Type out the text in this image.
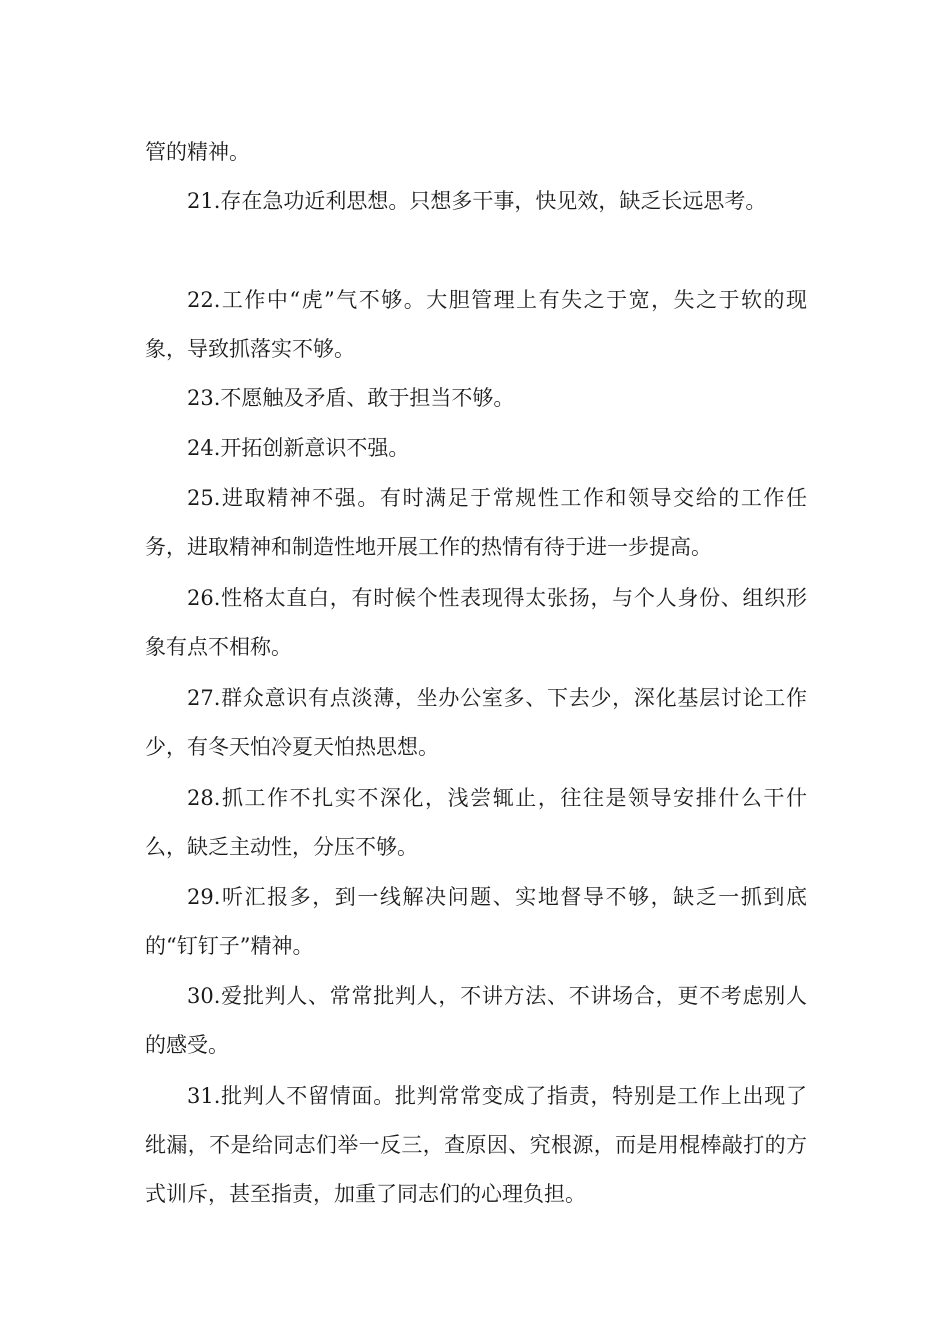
管的精神。

21.存在急功近利思想。只想多干事，快见效，缺乏长远思考。

22.工作中“虎”气不够。大胆管理上有失之于宽，失之于软的现象，导致抓落实不够。

23.不愿触及矛盾、敢于担当不够。

24.开拓创新意识不强。

25.进取精神不强。有时满足于常规性工作和领导交给的工作任务，进取精神和制造性地开展工作的热情有待于进一步提高。

26.性格太直白，有时候个性表现得太张扬，与个人身份、组织形象有点不相称。

27.群众意识有点淡薄，坐办公室多、下去少，深化基层讨论工作少，有冬天怕冷夏天怕热思想。

28.抓工作不扎实不深化，浅尝辄止，往往是领导安排什么干什么，缺乏主动性，分压不够。

29.听汇报多，到一线解决问题、实地督导不够，缺乏一抓到底的“钉钉子”精神。

30.爱批判人、常常批判人，不讲方法、不讲场合，更不考虑别人的感受。

31.批判人不留情面。批判常常变成了指责，特别是工作上出现了纰漏，不是给同志们举一反三，查原因、究根源，而是用棍棒敲打的方式训斥，甚至指责，加重了同志们的心理负担。
